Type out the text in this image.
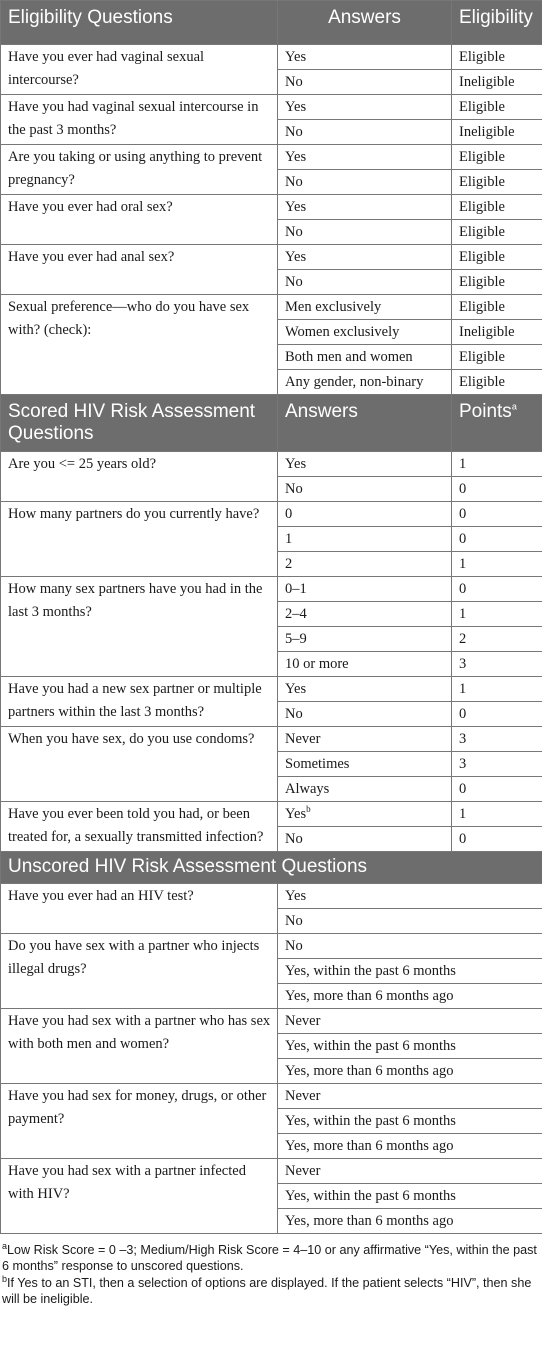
Eligibility Questions	Answers	Eligibility
Have you ever had vaginal sexual intercourse?	Yes	Eligible
	No	Ineligible
Have you had vaginal sexual intercourse in the past 3 months?	Yes	Eligible
	No	Ineligible
Are you taking or using anything to prevent pregnancy?	Yes	Eligible
	No	Eligible
Have you ever had oral sex?	Yes	Eligible
	No	Eligible
Have you ever had anal sex?	Yes	Eligible
	No	Eligible
Sexual preference—who do you have sex with? (check):	Men exclusively	Eligible
	Women exclusively	Ineligible
	Both men and women	Eligible
	Any gender, non-binary	Eligible
Scored HIV Risk Assessment Questions	Answers	Points$^a$
Are you <= 25 years old?	Yes	1
	No	0
How many partners do you currently have?	0	0
	1	0
	2	1
How many sex partners have you had in the last 3 months?	0–1	0
	2–4	1
	5–9	2
	10 or more	3
Have you had a new sex partner or multiple partners within the last 3 months?	Yes	1
	No	0
When you have sex, do you use condoms?	Never	3
	Sometimes	3
	Always	0
Have you ever been told you had, or been treated for, a sexually transmitted infection?	Yes$^b$	1
	No	0
Unscored HIV Risk Assessment Questions		
Have you ever had an HIV test?	Yes	
	No	
Do you have sex with a partner who injects illegal drugs?	No	
	Yes, within the past 6 months	
	Yes, more than 6 months ago	
Have you had sex with a partner who has sex with both men and women?	Never	
	Yes, within the past 6 months	
	Yes, more than 6 months ago	
Have you had sex for money, drugs, or other payment?	Never	
	Yes, within the past 6 months	
	Yes, more than 6 months ago	
Have you had sex with a partner infected with HIV?	Never	
	Yes, within the past 6 months	
	Yes, more than 6 months ago	

$^a$Low Risk Score = 0 –3; Medium/High Risk Score = 4–10 or any affirmative “Yes, within the past 6 months” response to unscored questions.

$^b$If Yes to an STI, then a selection of options are displayed. If the patient selects “HIV”, then she will be ineligible.
